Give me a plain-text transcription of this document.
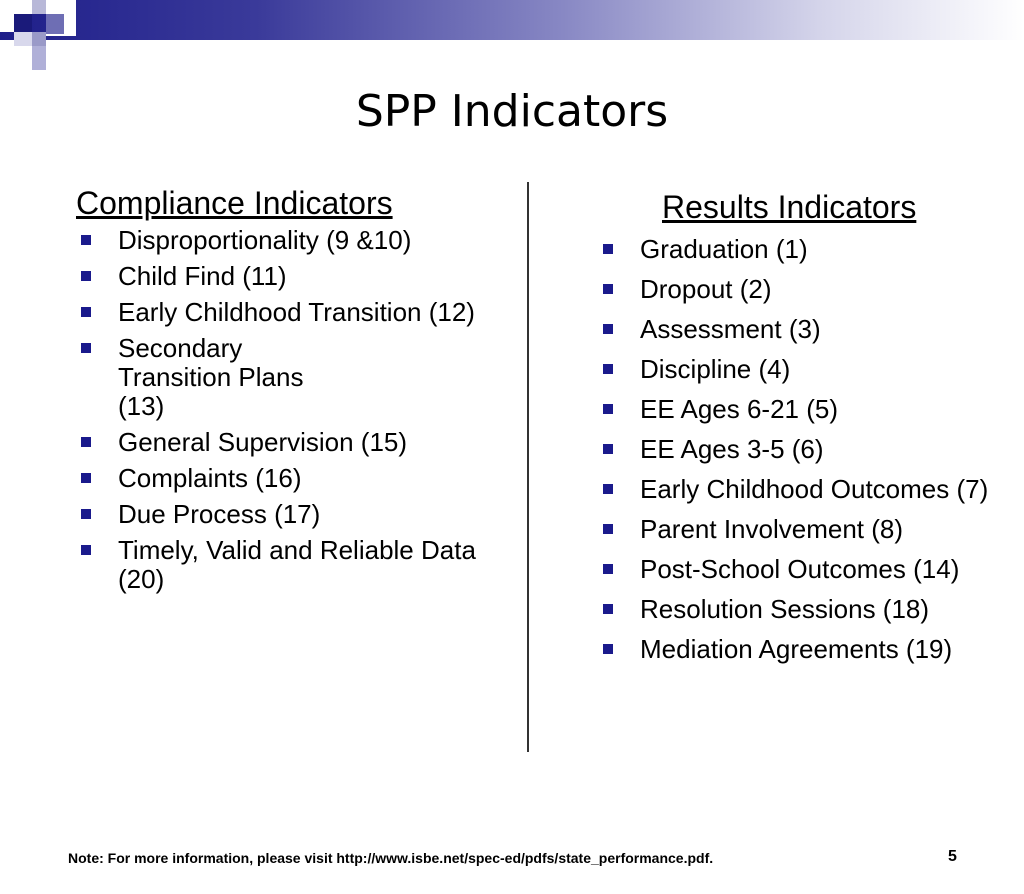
SPP Indicators
Compliance Indicators
Disproportionality (9 &10)
Child Find (11)
Early Childhood Transition (12)
Secondary Transition Plans (13)
General Supervision (15)
Complaints (16)
Due Process (17)
Timely, Valid and Reliable Data (20)
Results Indicators
Graduation (1)
Dropout (2)
Assessment (3)
Discipline (4)
EE Ages 6-21 (5)
EE Ages 3-5 (6)
Early Childhood Outcomes (7)
Parent Involvement (8)
Post-School Outcomes (14)
Resolution Sessions (18)
Mediation Agreements (19)
Note: For more information, please visit http://www.isbe.net/spec-ed/pdfs/state_performance.pdf.	5
